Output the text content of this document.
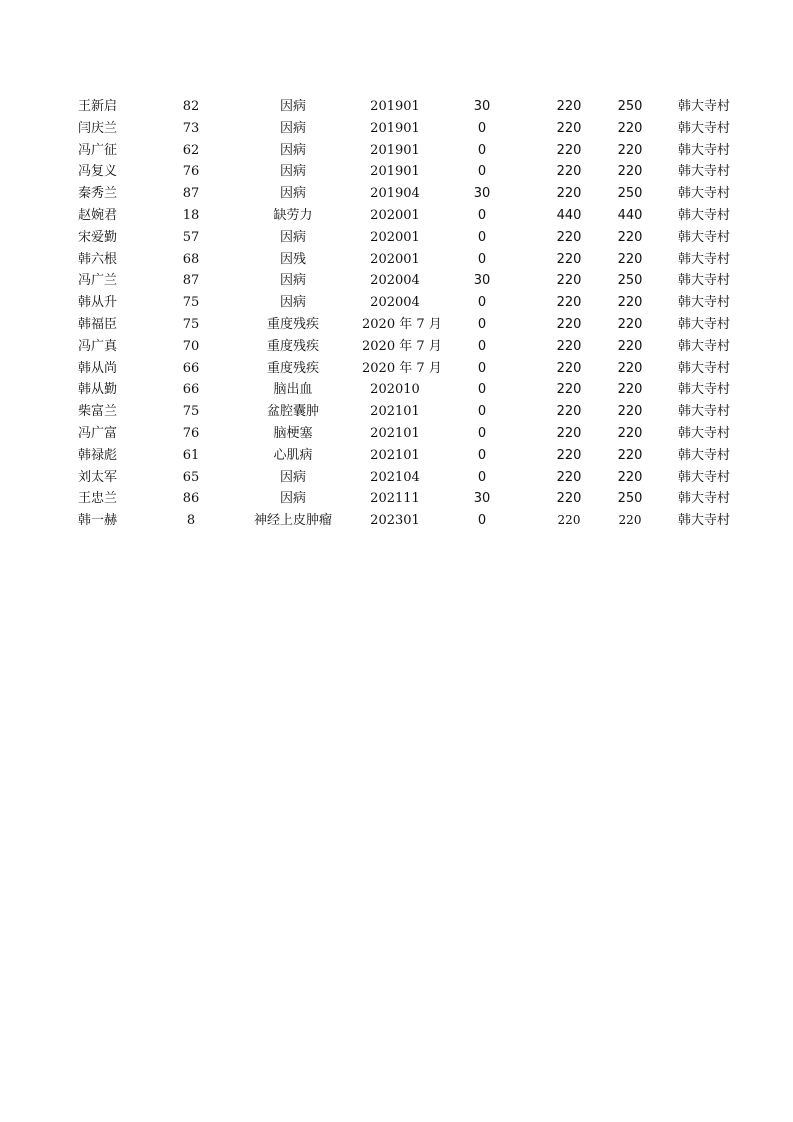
王新启	82	因病	201901	30	220	250	韩大寺村
闫庆兰	73	因病	201901	0	220	220	韩大寺村
冯广征	62	因病	201901	0	220	220	韩大寺村
冯复义	76	因病	201901	0	220	220	韩大寺村
秦秀兰	87	因病	201904	30	220	250	韩大寺村
赵婉君	18	缺劳力	202001	0	440	440	韩大寺村
宋爱勤	57	因病	202001	0	220	220	韩大寺村
韩六根	68	因残	202001	0	220	220	韩大寺村
冯广兰	87	因病	202004	30	220	250	韩大寺村
韩从升	75	因病	202004	0	220	220	韩大寺村
韩福臣	75	重度残疾	2020 年 7 月	0	220	220	韩大寺村
冯广真	70	重度残疾	2020 年 7 月	0	220	220	韩大寺村
韩从尚	66	重度残疾	2020 年 7 月	0	220	220	韩大寺村
韩从勤	66	脑出血	202010	0	220	220	韩大寺村
柴富兰	75	盆腔囊肿	202101	0	220	220	韩大寺村
冯广富	76	脑梗塞	202101	0	220	220	韩大寺村
韩禄彪	61	心肌病	202101	0	220	220	韩大寺村
刘太军	65	因病	202104	0	220	220	韩大寺村
王忠兰	86	因病	202111	30	220	250	韩大寺村
韩一赫	8	神经上皮肿瘤	202301	0	220	220	韩大寺村
